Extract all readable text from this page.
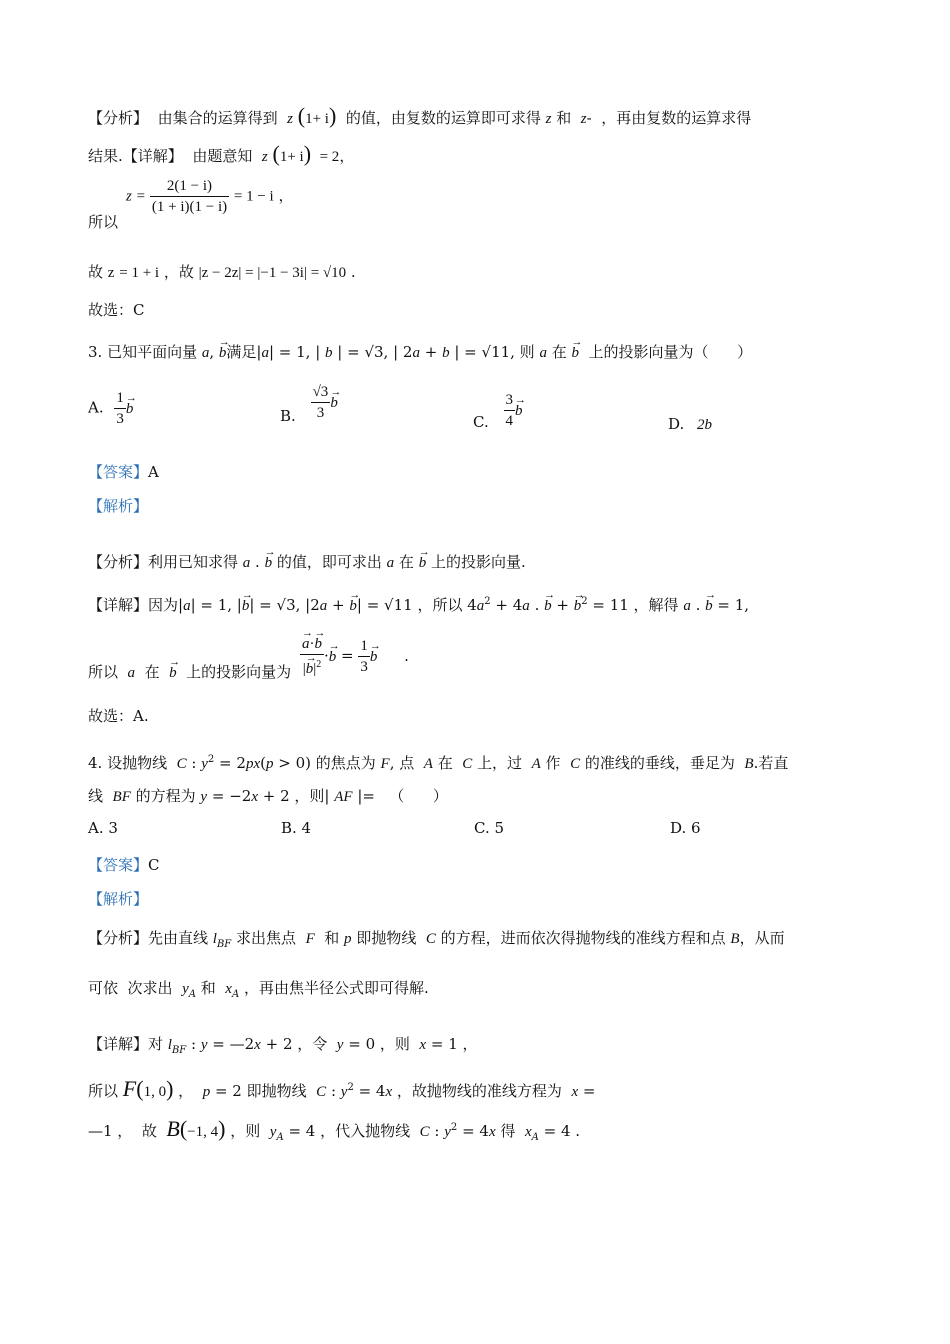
【分析】  由集合的运算得到  z (1+ i)  的值，由复数的运算即可求得 z 和  z-  ，再由复数的运算求得
结果.【详解】  由题意知  z (1+ i)  = 2，
所以
$z = \frac{2(1 - i)}{(1 + i)(1 - i)} = 1 - i$ ，
故 z = 1 + i ，故 |z − 2z| = |−1 − 3i| = √10 .
故选：C
3. 已知平面向量 a, → b满足|a| = 1, | b | = √3, | 2a + b | = √11, 则 a 在 → b  上的投影向量为（      ）
A. $\frac{1}{3}$
→ b	B. $\frac{√3}{3}$
→ b
C. $\frac{3}{4}$
→ b
D. 2b
【答案】A
【解析】
【分析】利用已知求得 a . → b 的值，即可求出 a 在 → b 上的投影向量.
【详解】因为|a| = 1, |→ b| = √3, |2a + → b| = √11 ，所以 $4a^2 + 4a$ . → b + → $b^2 = 11$ ，解得 a . → b = 1,
所以  a  在  → b  上的投影向量为
→ $\frac{a\cdot\to b}{|\to b|^2} \cdot\to b = \frac{1}{3}$
→ b .
故选：A.
4. 设抛物线  C : $y^2 = 2px(p > 0)$ 的焦点为 F, 点  A 在  C 上，过  A 作  C 的准线的垂线，垂足为  B.若直
线  BF 的方程为 y = −2x + 2 ，则| AF |=   （      ）
A. 3	B. 4	C. 5	D. 6
【答案】C
【解析】
【分析】先由直线 $l_{BF}$ 求出焦点  F  和 p 即抛物线  C 的方程，进而依次得抛物线的准线方程和点 B，从而
可依  次求出  $y_A$ 和  $x_A$ ，再由焦半径公式即可得解.
【详解】对 $l_{BF}$ : y = —2x + 2 ，令  y = 0 ，则  x = 1 ，
所以 F(1, 0) ，  p = 2 即抛物线  C : $y^2 = 4x$ ，故抛物线的准线方程为  x =
—1 ，  故  B(−1, 4) ，则  $y_A = 4$ ，代入抛物线  C : $y^2 = 4x$ 得  $x_A = 4$ .
